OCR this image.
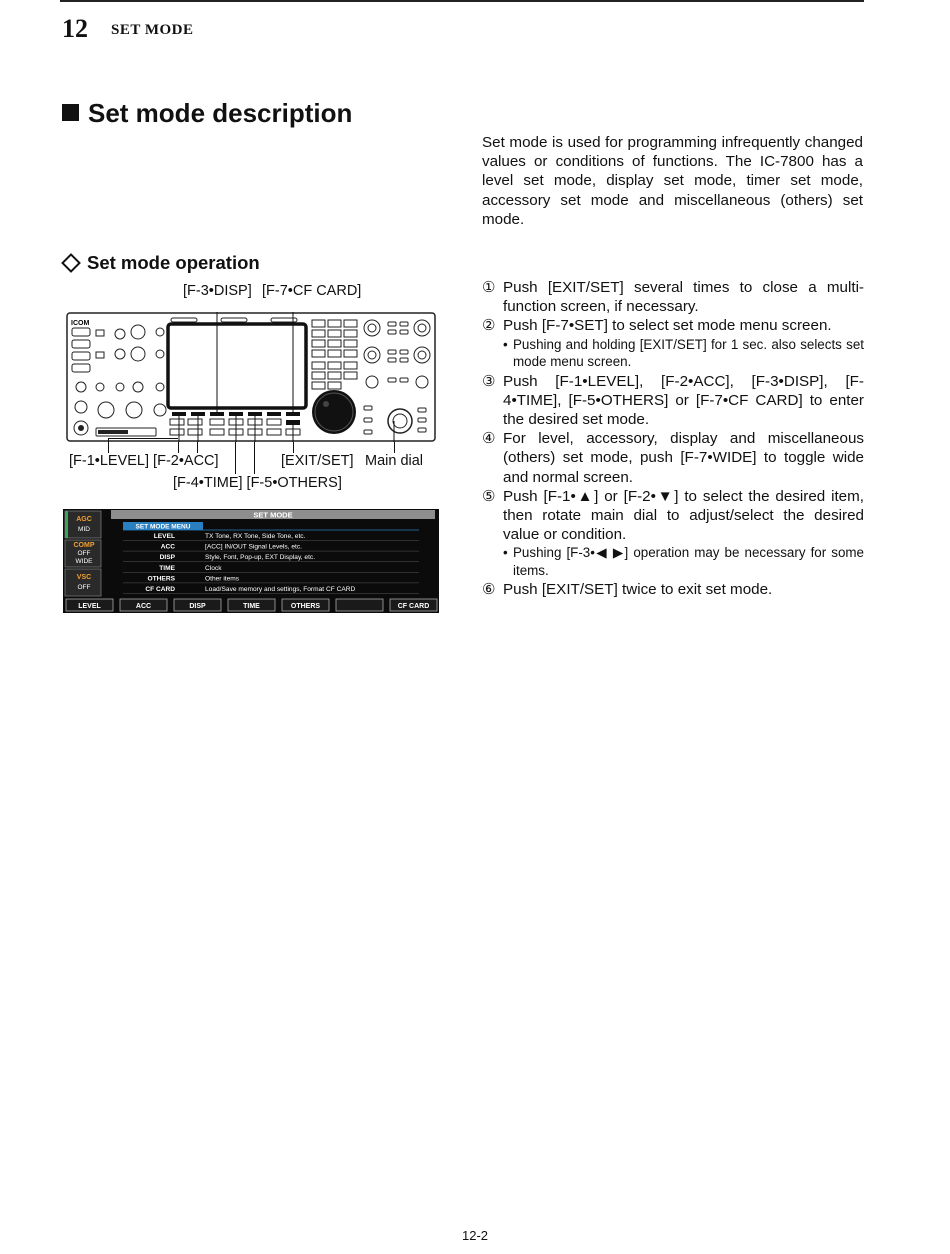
12 SET MODE
Set mode description
Set mode is used for programming infrequently changed values or conditions of functions. The IC-7800 has a level set mode, display set mode, timer set mode, accessory set mode and miscellaneous (others) set mode.
Set mode operation
[F-3•DISP] [F-7•CF CARD]
[F-1•LEVEL] [F-2•ACC]	[EXIT/SET] Main dial
[F-4•TIME] [F-5•OTHERS]
ICOM
SET MODE
AGC
MID
COMP
OFF
WIDE
VSC
OFF
SET MODE MENU
LEVEL	TX Tone, RX Tone, Side Tone, etc.
ACC	[ACC] IN/OUT Signal Levels, etc.
DISP	Style, Font, Pop-up, EXT Display, etc.
TIME	Clock
OTHERS	Other items
CF CARD	Load/Save memory and settings, Format CF CARD
LEVEL	ACC	DISP	TIME	OTHERS	CF CARD
① Push [EXIT/SET] several times to close a multi-function screen, if necessary.
② Push [F-7•SET] to select set mode menu screen.
• Pushing and holding [EXIT/SET] for 1 sec. also selects set mode menu screen.
③ Push [F-1•LEVEL], [F-2•ACC], [F-3•DISP], [F-4•TIME], [F-5•OTHERS] or [F-7•CF CARD] to enter the desired set mode.
④ For level, accessory, display and miscellaneous (others) set mode, push [F-7•WIDE] to toggle wide and normal screen.
⑤ Push [F-1•▲] or [F-2•▼] to select the desired item, then rotate main dial to adjust/select the desired value or condition.
• Pushing [F-3•◀ ▶] operation may be necessary for some items.
⑥ Push [EXIT/SET] twice to exit set mode.
12-2
